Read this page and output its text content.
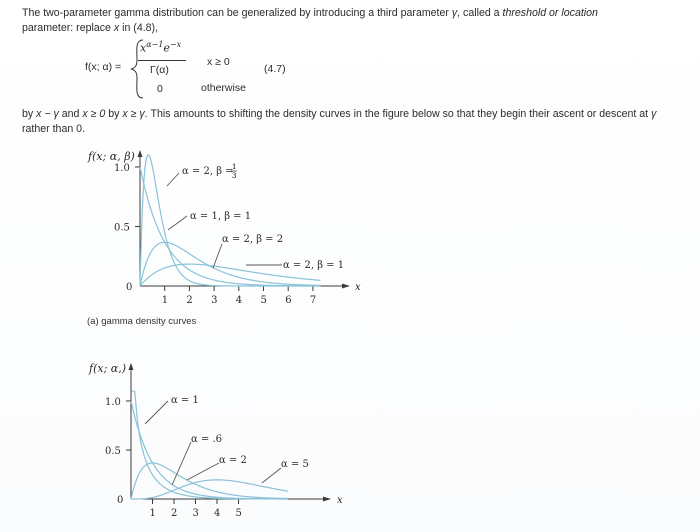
The two-parameter gamma distribution can be generalized by introducing a third parameter γ, called a threshold or location
parameter: replace x in (4.8),
f(x; α) =
$x^{\alpha-1}e^{-x}$
Γ(α)
0
x ≥ 0
otherwise
(4.7)
by x − γ and x ≥ 0 by x ≥ γ. This amounts to shifting the density curves in the figure below so that they begin their ascent or descent at γ rather than 0.
f(x; α, β)
x
1 2 3 4 5 6 7
0
0.5
1.0	α = 2, β =
1
3
α = 1, β = 1
α = 2, β = 2
α = 2, β = 1
(a) gamma density curves
f(x; α,)
x
1 2 3 4 5
0
0.5
1.0	α = 1
α = .6
α = 2	α = 5
